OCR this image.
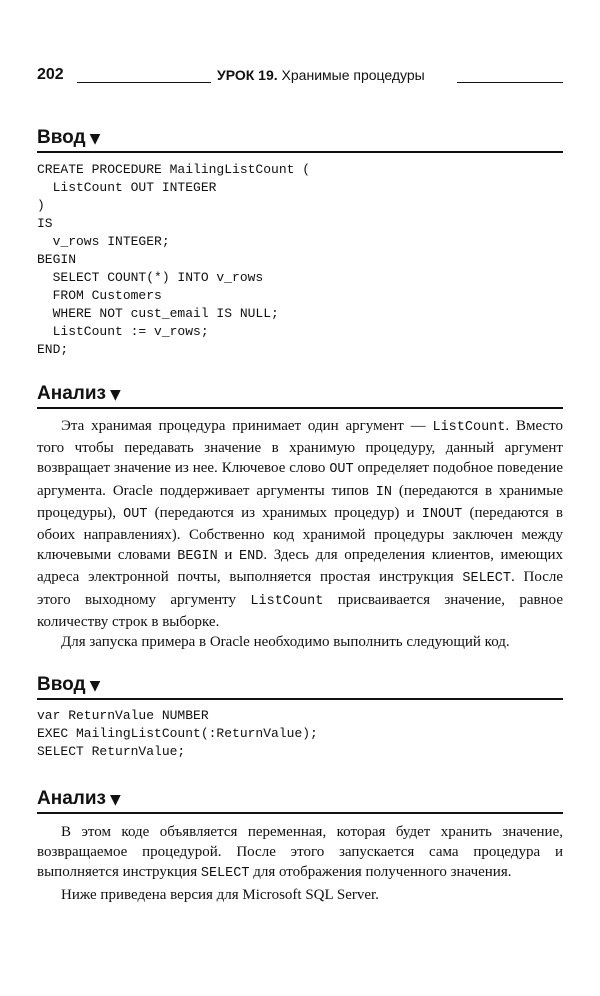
202	УРОК 19. Хранимые процедуры
Ввод ▼
CREATE PROCEDURE MailingListCount (
ListCount OUT INTEGER
)
IS
v_rows INTEGER;
BEGIN
SELECT COUNT(*) INTO v_rows
FROM Customers
WHERE NOT cust_email IS NULL;
ListCount := v_rows;
END;
Анализ ▼

Эта хранимая процедура принимает один аргумент — ListCount. Вместо того чтобы передавать значение в хранимую процедуру, данный аргумент возвращает значение из нее. Ключевое слово OUT определяет подобное поведение аргумента. Oracle поддерживает аргументы типов IN (передаются в хранимые процедуры), OUT (передаются из хранимых процедур) и INOUT (передаются в обоих направлениях). Собственно код хранимой процедуры заключен между ключевыми словами BEGIN и END. Здесь для определения клиентов, имеющих адреса электронной почты, выполняется простая инструкция SELECT. После этого выходному аргументу ListCount присваивается значение, равное количеству строк в выборке.

Для запуска примера в Oracle необходимо выполнить следующий код.

Ввод ▼
var ReturnValue NUMBER
EXEC MailingListCount(:ReturnValue);
SELECT ReturnValue;
Анализ ▼

В этом коде объявляется переменная, которая будет хранить значение, возвращаемое процедурой. После этого запускается сама процедура и выполняется инструкция SELECT для отображения полученного значения.

Ниже приведена версия для Microsoft SQL Server.
